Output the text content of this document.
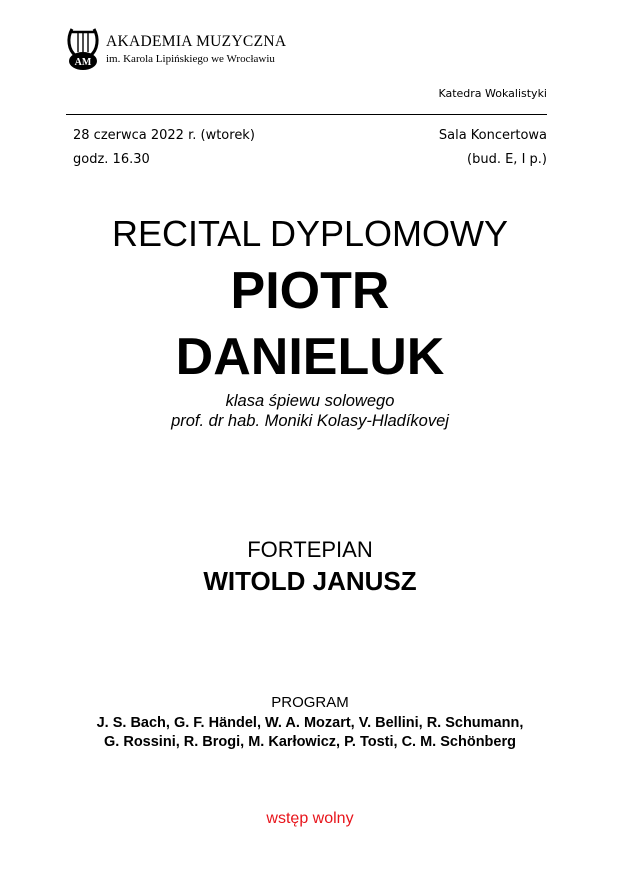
AM
AKADEMIA MUZYCZNA
im. Karola Lipińskiego we Wrocławiu
Katedra Wokalistyki
28 czerwca 2022 r. (wtorek)
godz. 16.30
Sala Koncertowa
(bud. E, I p.)
RECITAL DYPLOMOWY
PIOTR
DANIELUK
klasa śpiewu solowego
prof. dr hab. Moniki Kolasy-Hladíkovej
FORTEPIAN
WITOLD JANUSZ
PROGRAM
J. S. Bach, G. F. Händel, W. A. Mozart, V. Bellini, R. Schumann,
G. Rossini, R. Brogi, M. Karłowicz, P. Tosti, C. M. Schönberg
wstęp wolny
